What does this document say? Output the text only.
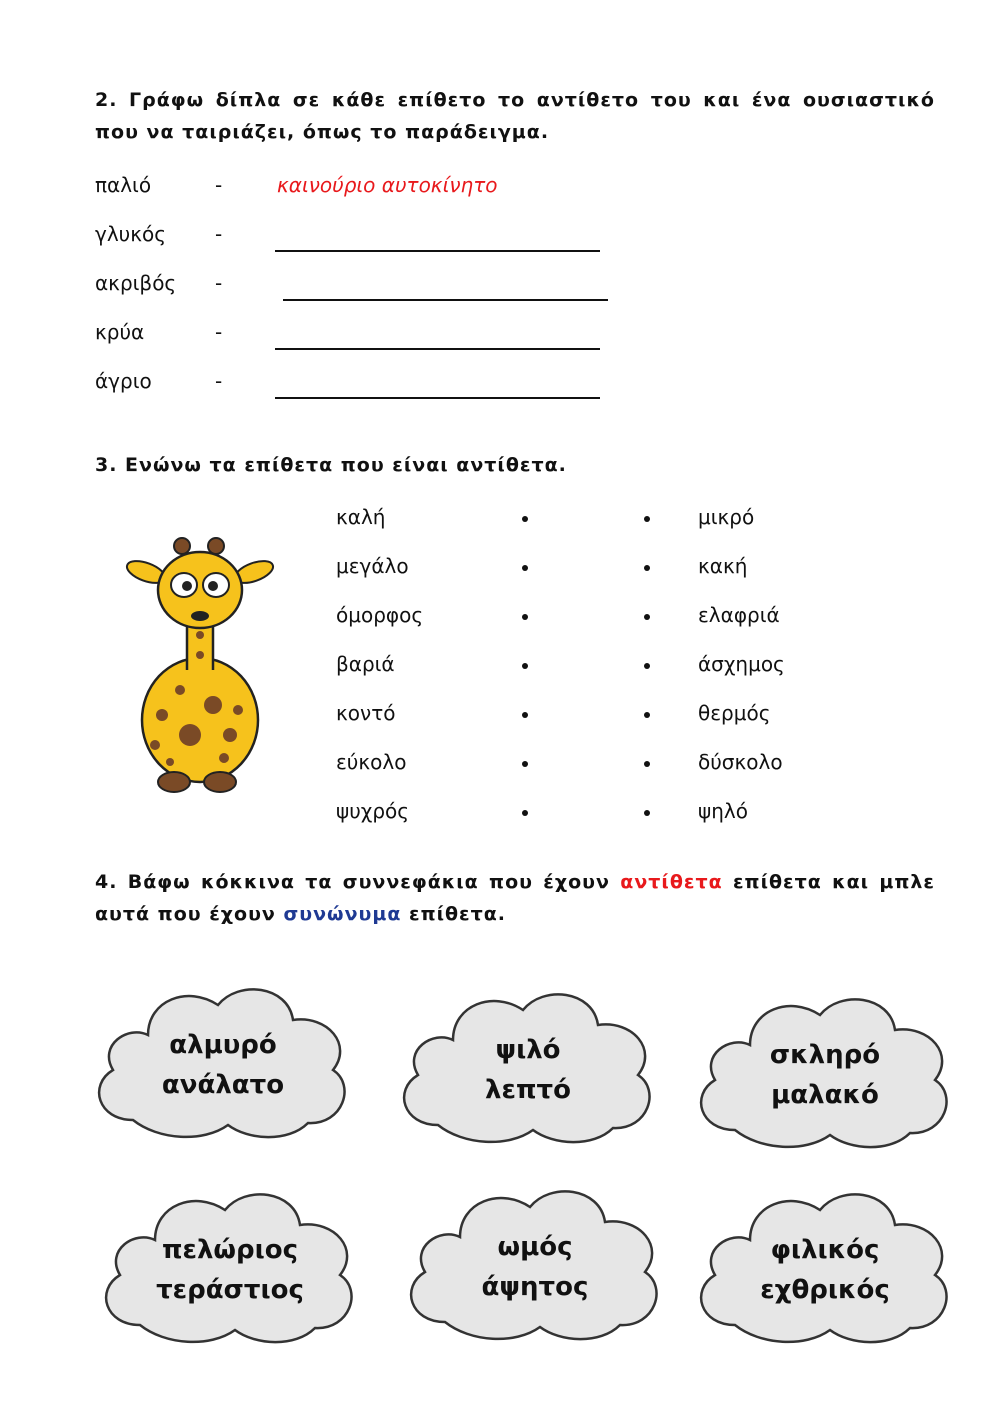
2. Γράφω δίπλα σε κάθε επίθετο το αντίθετο του και ένα ουσιαστικό που να ταιριάζει, όπως το παράδειγμα.
παλιό	-	καινούριο αυτοκίνητο
γλυκός -
ακριβός -
κρύα	-
άγριο	-
3. Ενώνω τα επίθετα που είναι αντίθετα.
καλή	μικρό
μεγάλο	κακή
όμορφος	ελαφριά
βαριά	άσχημος
κοντό	θερμός
εύκολο	δύσκολο
ψυχρός	ψηλό
4. Βάφω κόκκινα τα συννεφάκια που έχουν αντίθετα επίθετα και μπλε αυτά που έχουν συνώνυμα επίθετα.
αλμυρό
ανάλατο
ψιλό
λεπτό
σκληρό
μαλακό
πελώριος
τεράστιος
ωμός
άψητος
φιλικός
εχθρικός
